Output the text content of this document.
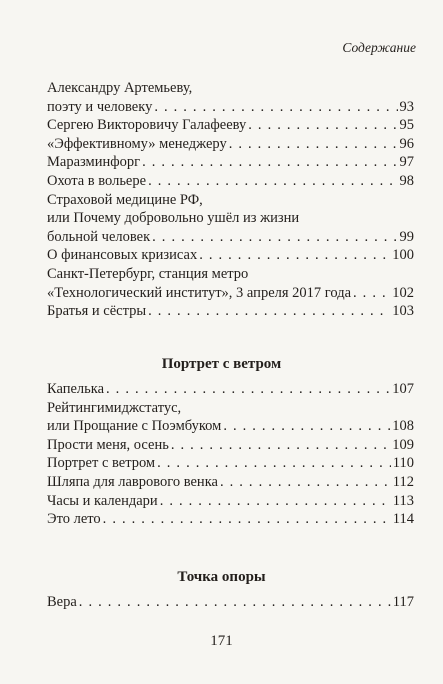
Содержание
Александру Артемьеву,
поэту и человеку . . .	93
Сергею Викторовичу Галафееву . . .	95
«Эффективному» менеджеру . . .	96
Маразминфорг . . .	97
Охота в вольере . . .	98
Страховой медицине РФ,
или Почему добровольно ушёл из жизни
больной человек . . .	99
О финансовых кризисах . . .	100
Санкт-Петербург, станция метро
«Технологический институт», 3 апреля 2017 года . . .	102
Братья и сёстры . . .	103
Портрет с ветром
Капелька . . .	107
Рейтингимиджстатус,
или Прощание с Поэмбуком . . .	108
Прости меня, осень . . .	109
Портрет с ветром . . .	110
Шляпа для лаврового венка . . .	112
Часы и календари . . .	113
Это лето . . .	114
Точка опоры
Вера . . .	117
171
